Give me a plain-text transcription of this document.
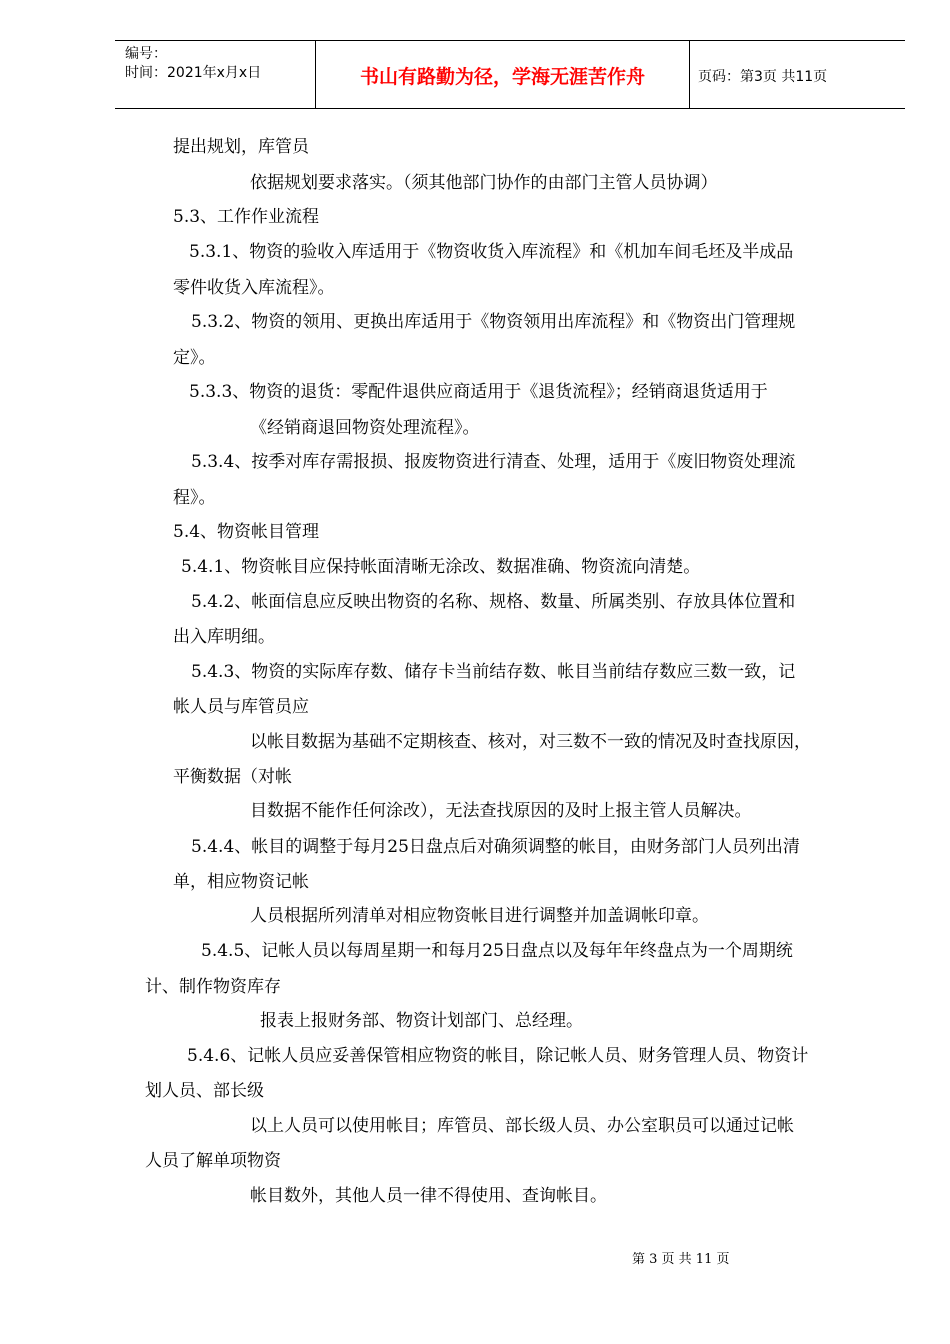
编号：
时间：2021年x月x日	书山有路勤为径，学海无涯苦作舟	页码：第3页 共11页
提出规划，库管员
依据规划要求落实。（须其他部门协作的由部门主管人员协调）
5.3、工作作业流程
5.3.1、物资的验收入库适用于《物资收货入库流程》和《机加车间毛坯及半成品
零件收货入库流程》。
5.3.2、物资的领用、更换出库适用于《物资领用出库流程》和《物资出门管理规
定》。
5.3.3、物资的退货：零配件退供应商适用于《退货流程》；经销商退货适用于
《经销商退回物资处理流程》。
5.3.4、按季对库存需报损、报废物资进行清查、处理，适用于《废旧物资处理流
程》。
5.4、物资帐目管理
5.4.1、物资帐目应保持帐面清晰无涂改、数据准确、物资流向清楚。
5.4.2、帐面信息应反映出物资的名称、规格、数量、所属类别、存放具体位置和
出入库明细。
5.4.3、物资的实际库存数、储存卡当前结存数、帐目当前结存数应三数一致，记
帐人员与库管员应
以帐目数据为基础不定期核查、核对，对三数不一致的情况及时查找原因，
平衡数据（对帐
目数据不能作任何涂改），无法查找原因的及时上报主管人员解决。
5.4.4、帐目的调整于每月25日盘点后对确须调整的帐目，由财务部门人员列出清
单，相应物资记帐
人员根据所列清单对相应物资帐目进行调整并加盖调帐印章。
5.4.5、记帐人员以每周星期一和每月25日盘点以及每年年终盘点为一个周期统
计、制作物资库存
报表上报财务部、物资计划部门、总经理。
5.4.6、记帐人员应妥善保管相应物资的帐目，除记帐人员、财务管理人员、物资计
划人员、部长级
以上人员可以使用帐目；库管员、部长级人员、办公室职员可以通过记帐
人员了解单项物资
帐目数外，其他人员一律不得使用、查询帐目。
第 3 页 共 11 页
